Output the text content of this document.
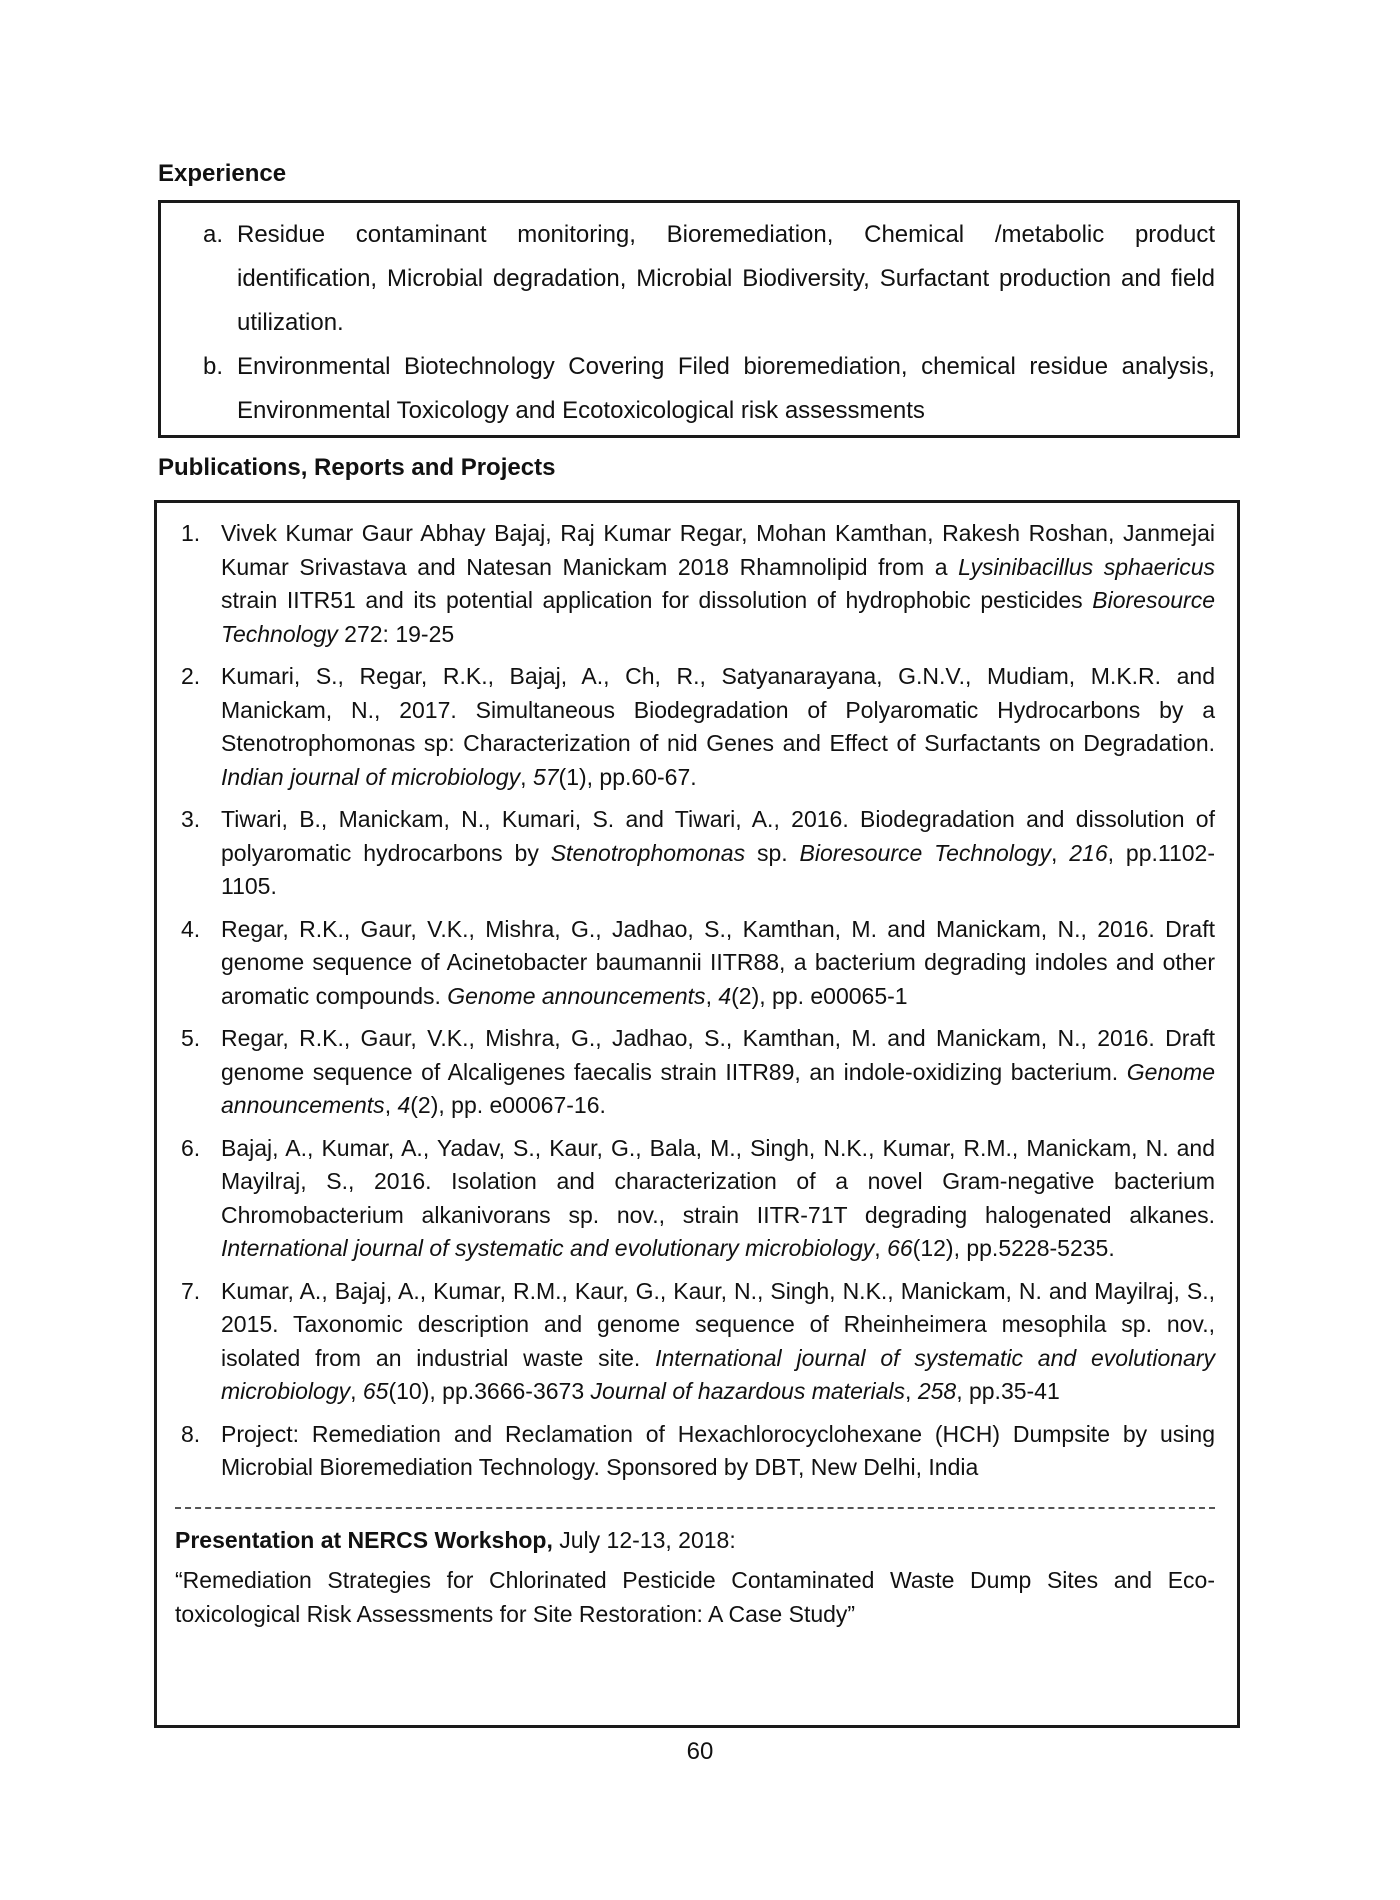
Experience
a. Residue contaminant monitoring, Bioremediation, Chemical /metabolic product identification, Microbial degradation, Microbial Biodiversity, Surfactant production and field utilization.
b. Environmental Biotechnology Covering Filed bioremediation, chemical residue analysis, Environmental Toxicology and Ecotoxicological risk assessments
Publications, Reports and Projects
1. Vivek Kumar Gaur Abhay Bajaj, Raj Kumar Regar, Mohan Kamthan, Rakesh Roshan, Janmejai Kumar Srivastava and Natesan Manickam 2018 Rhamnolipid from a Lysinibacillus sphaericus strain IITR51 and its potential application for dissolution of hydrophobic pesticides Bioresource Technology 272: 19-25
2. Kumari, S., Regar, R.K., Bajaj, A., Ch, R., Satyanarayana, G.N.V., Mudiam, M.K.R. and Manickam, N., 2017. Simultaneous Biodegradation of Polyaromatic Hydrocarbons by a Stenotrophomonas sp: Characterization of nid Genes and Effect of Surfactants on Degradation. Indian journal of microbiology, 57(1), pp.60-67.
3. Tiwari, B., Manickam, N., Kumari, S. and Tiwari, A., 2016. Biodegradation and dissolution of polyaromatic hydrocarbons by Stenotrophomonas sp. Bioresource Technology, 216, pp.1102-1105.
4. Regar, R.K., Gaur, V.K., Mishra, G., Jadhao, S., Kamthan, M. and Manickam, N., 2016. Draft genome sequence of Acinetobacter baumannii IITR88, a bacterium degrading indoles and other aromatic compounds. Genome announcements, 4(2), pp. e00065-1
5. Regar, R.K., Gaur, V.K., Mishra, G., Jadhao, S., Kamthan, M. and Manickam, N., 2016. Draft genome sequence of Alcaligenes faecalis strain IITR89, an indole-oxidizing bacterium. Genome announcements, 4(2), pp. e00067-16.
6. Bajaj, A., Kumar, A., Yadav, S., Kaur, G., Bala, M., Singh, N.K., Kumar, R.M., Manickam, N. and Mayilraj, S., 2016. Isolation and characterization of a novel Gram-negative bacterium Chromobacterium alkanivorans sp. nov., strain IITR-71T degrading halogenated alkanes. International journal of systematic and evolutionary microbiology, 66(12), pp.5228-5235.
7. Kumar, A., Bajaj, A., Kumar, R.M., Kaur, G., Kaur, N., Singh, N.K., Manickam, N. and Mayilraj, S., 2015. Taxonomic description and genome sequence of Rheinheimera mesophila sp. nov., isolated from an industrial waste site. International journal of systematic and evolutionary microbiology, 65(10), pp.3666-3673 Journal of hazardous materials, 258, pp.35-41
8. Project: Remediation and Reclamation of Hexachlorocyclohexane (HCH) Dumpsite by using Microbial Bioremediation Technology. Sponsored by DBT, New Delhi, India
Presentation at NERCS Workshop, July 12-13, 2018:
“Remediation Strategies for Chlorinated Pesticide Contaminated Waste Dump Sites and Eco-toxicological Risk Assessments for Site Restoration: A Case Study”
60
